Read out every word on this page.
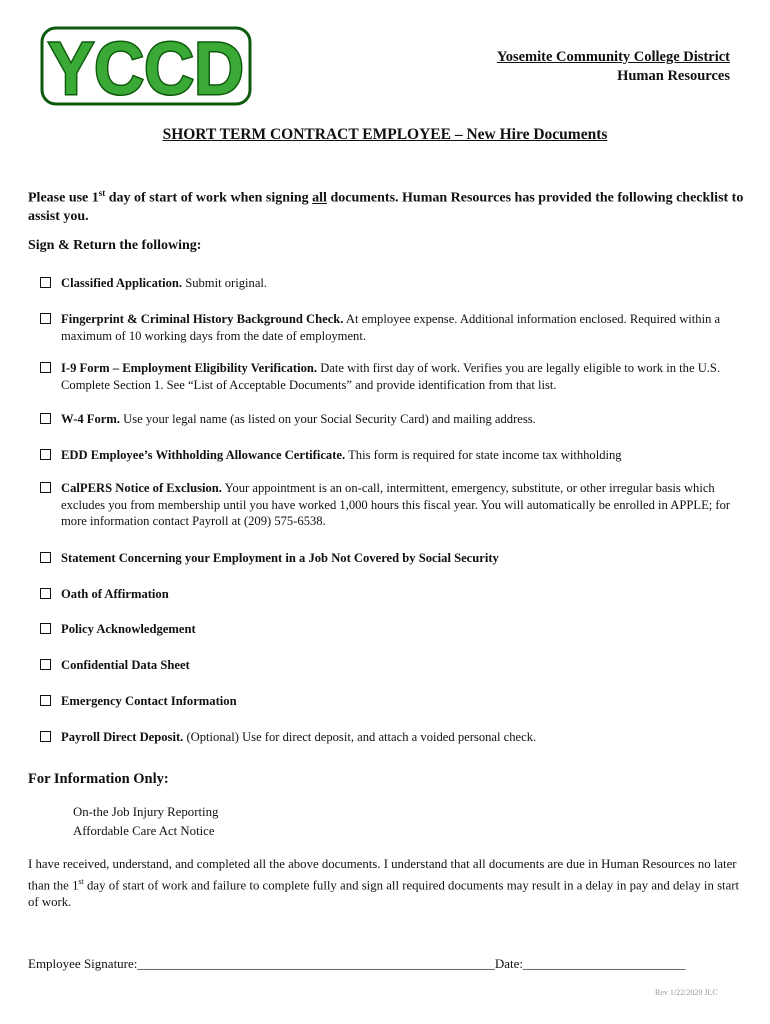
YCCD	Yosemite Community College District
Human Resources
SHORT TERM CONTRACT EMPLOYEE – New Hire Documents
Please use 1st day of start of work when signing all documents. Human Resources has provided the following checklist to assist you.
Sign & Return the following:
Classified Application. Submit original.
Fingerprint & Criminal History Background Check. At employee expense. Additional information enclosed. Required within a maximum of 10 working days from the date of employment.
I-9 Form – Employment Eligibility Verification. Date with first day of work. Verifies you are legally eligible to work in the U.S. Complete Section 1. See “List of Acceptable Documents” and provide identification from that list.
W-4 Form. Use your legal name (as listed on your Social Security Card) and mailing address.
EDD Employee’s Withholding Allowance Certificate. This form is required for state income tax withholding
CalPERS Notice of Exclusion. Your appointment is an on-call, intermittent, emergency, substitute, or other irregular basis which excludes you from membership until you have worked 1,000 hours this fiscal year. You will automatically be enrolled in APPLE; for more information contact Payroll at (209) 575-6538.
Statement Concerning your Employment in a Job Not Covered by Social Security
Oath of Affirmation
Policy Acknowledgement
Confidential Data Sheet
Emergency Contact Information
Payroll Direct Deposit. (Optional) Use for direct deposit, and attach a voided personal check.
For Information Only:
On-the Job Injury Reporting
Affordable Care Act Notice
I have received, understand, and completed all the above documents. I understand that all documents are due in Human Resources no later than the 1st day of start of work and failure to complete fully and sign all required documents may result in a delay in pay and delay in start of work.
Employee Signature:_______________________________________________________Date:_________________________
Rev 1/22/2020 JLC
